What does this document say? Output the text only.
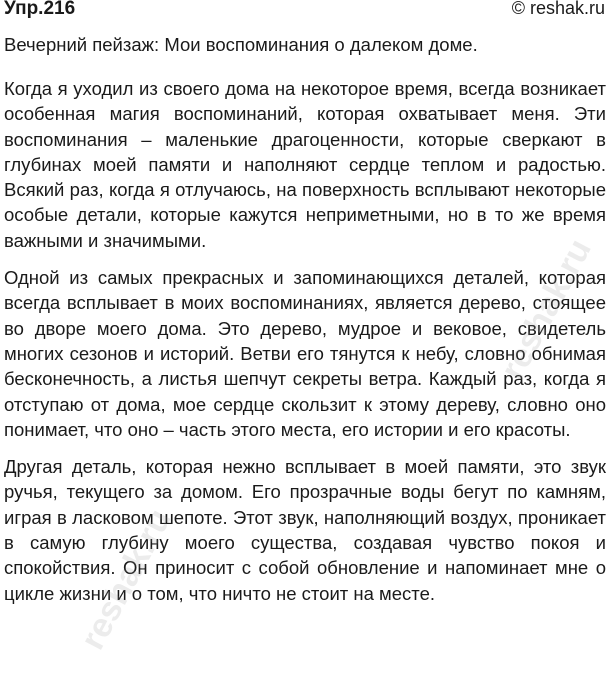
Упр.216	© reshak.ru
Вечерний пейзаж: Мои воспоминания о далеком доме.

Когда я уходил из своего дома на некоторое время, всегда возникает особенная магия воспоминаний, которая охватывает меня. Эти воспоминания – маленькие драгоценности, которые сверкают в глубинах моей памяти и наполняют сердце теплом и радостью. Всякий раз, когда я отлучаюсь, на поверхность всплывают некоторые особые детали, которые кажутся неприметными, но в то же время важными и значимыми.

Одной из самых прекрасных и запоминающихся деталей, которая всегда всплывает в моих воспоминаниях, является дерево, стоящее во дворе моего дома. Это дерево, мудрое и вековое, свидетель многих сезонов и историй. Ветви его тянутся к небу, словно обнимая бесконечность, а листья шепчут секреты ветра. Каждый раз, когда я отступаю от дома, мое сердце скользит к этому дереву, словно оно понимает, что оно – часть этого места, его истории и его красоты.

Другая деталь, которая нежно всплывает в моей памяти, это звук ручья, текущего за домом. Его прозрачные воды бегут по камням, играя в ласковом шепоте. Этот звук, наполняющий воздух, проникает в самую глубину моего существа, создавая чувство покоя и спокойствия. Он приносит с собой обновление и напоминает мне о цикле жизни и о том, что ничто не стоит на месте.

reshak.ru
reshak.ru
